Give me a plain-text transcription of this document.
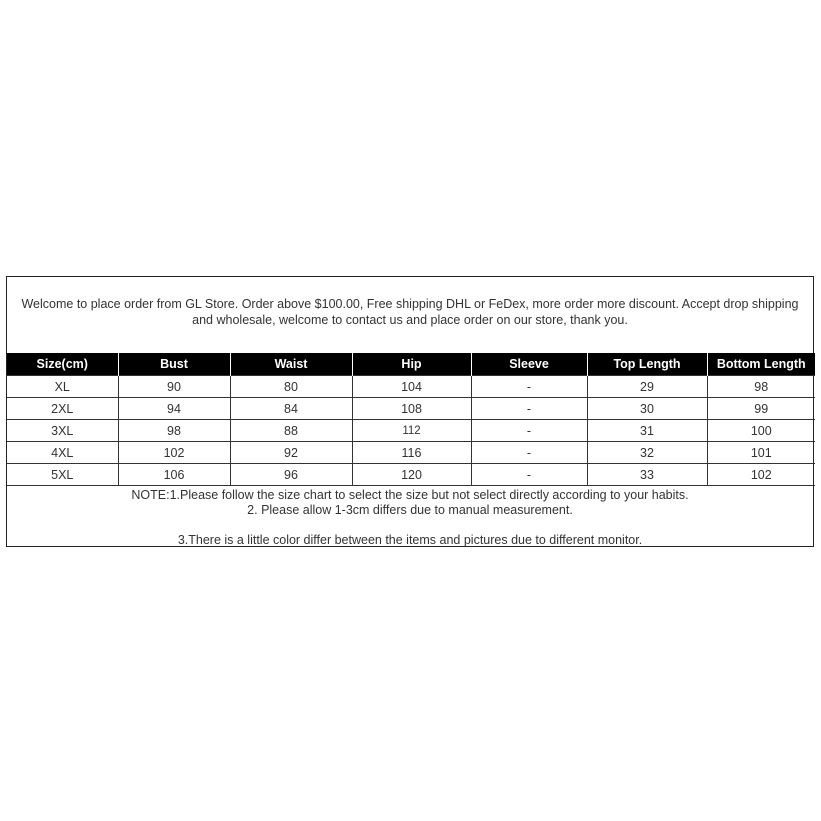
Welcome to place order from GL Store. Order above $100.00, Free shipping DHL or FeDex, more order more discount. Accept drop shipping and wholesale, welcome to contact us and place order on our store, thank you.
Size(cm)	Bust	Waist	Hip	Sleeve	Top Length	Bottom Length
XL	90	80	104	-	29	98
2XL	94	84	108	-	30	99
3XL	98	88	112	-	31	100
4XL	102	92	116	-	32	101
5XL	106	96	120	-	33	102
NOTE:1.Please follow the size chart to select the size but not select directly according to your habits.
2. Please allow 1-3cm differs due to manual measurement.
3.There is a little color differ between the items and pictures due to different monitor.
